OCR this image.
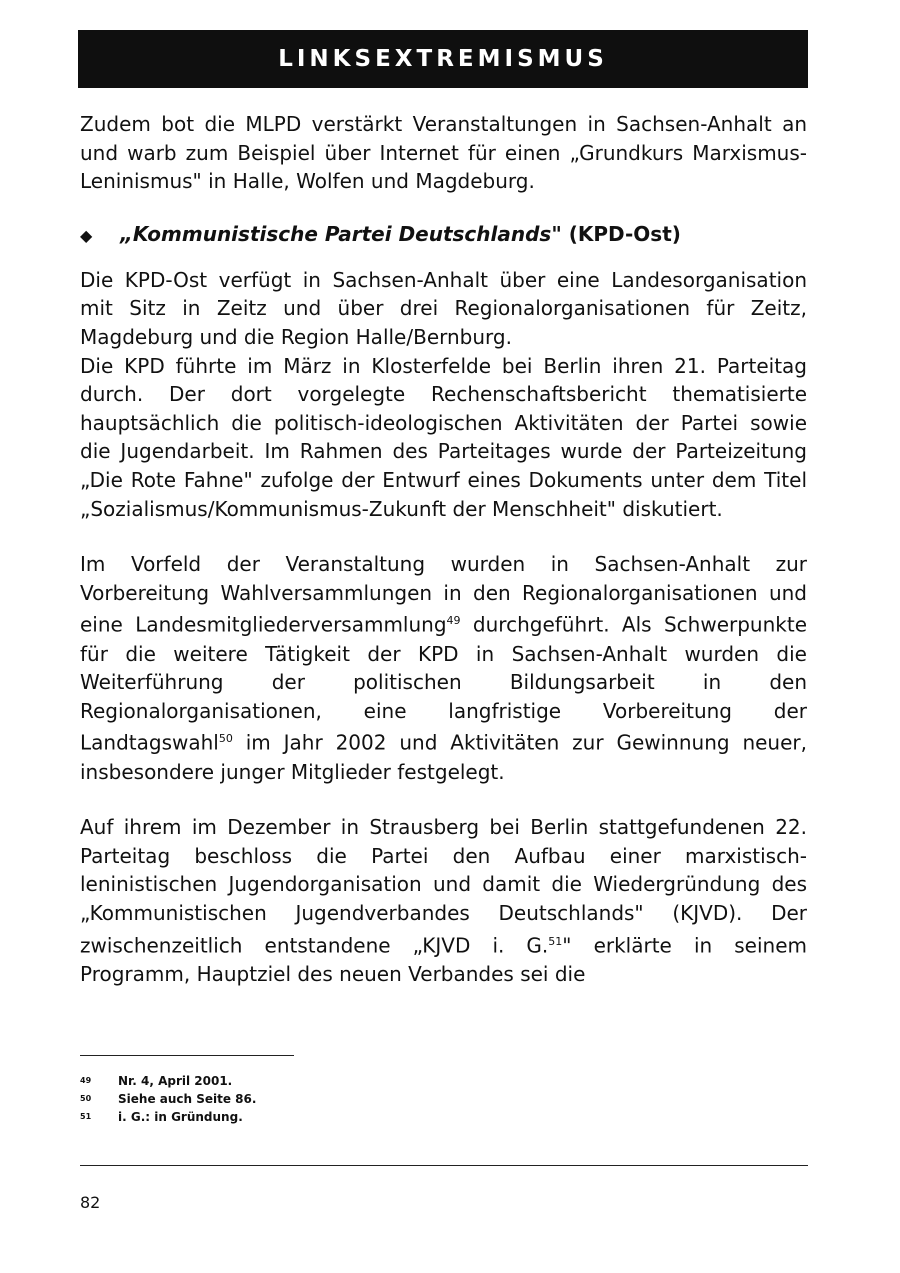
LINKSEXTREMISMUS

Zudem bot die MLPD verstärkt Veranstaltungen in Sachsen-Anhalt an und warb zum Beispiel über Internet für einen „Grundkurs Marxismus-Leninismus" in Halle, Wolfen und Magdeburg.

◆	„Kommunistische Partei Deutschlands" (KPD-Ost)

Die KPD-Ost verfügt in Sachsen-Anhalt über eine Landesorganisation mit Sitz in Zeitz und über drei Regionalorganisationen für Zeitz, Magdeburg und die Region Halle/Bernburg.

Die KPD führte im März in Klosterfelde bei Berlin ihren 21. Parteitag durch. Der dort vorgelegte Rechenschaftsbericht thematisierte hauptsächlich die politisch-ideologischen Aktivitäten der Partei sowie die Jugendarbeit. Im Rahmen des Parteitages wurde der Parteizeitung „Die Rote Fahne" zufolge der Entwurf eines Dokuments unter dem Titel „Sozialismus/Kommunismus-Zukunft der Menschheit" diskutiert.

Im Vorfeld der Veranstaltung wurden in Sachsen-Anhalt zur Vorbereitung Wahlversammlungen in den Regionalorganisationen und eine Landesmitgliederversammlung$^{49}$ durchgeführt. Als Schwerpunkte für die weitere Tätigkeit der KPD in Sachsen-Anhalt wurden die Weiterführung der politischen Bildungsarbeit in den Regionalorganisationen, eine langfristige Vorbereitung der Landtagswahl$^{50}$ im Jahr 2002 und Aktivitäten zur Gewinnung neuer, insbesondere junger Mitglieder festgelegt.

Auf ihrem im Dezember in Strausberg bei Berlin stattgefundenen 22. Parteitag beschloss die Partei den Aufbau einer marxistisch-leninistischen Jugendorganisation und damit die Wiedergründung des „Kommunistischen Jugendverbandes Deutschlands" (KJVD). Der zwischenzeitlich entstandene „KJVD i. G.$^{51}$" erklärte in seinem Programm, Hauptziel des neuen Verbandes sei die

49	Nr. 4, April 2001.
50	Siehe auch Seite 86.
51	i. G.: in Gründung.
82
